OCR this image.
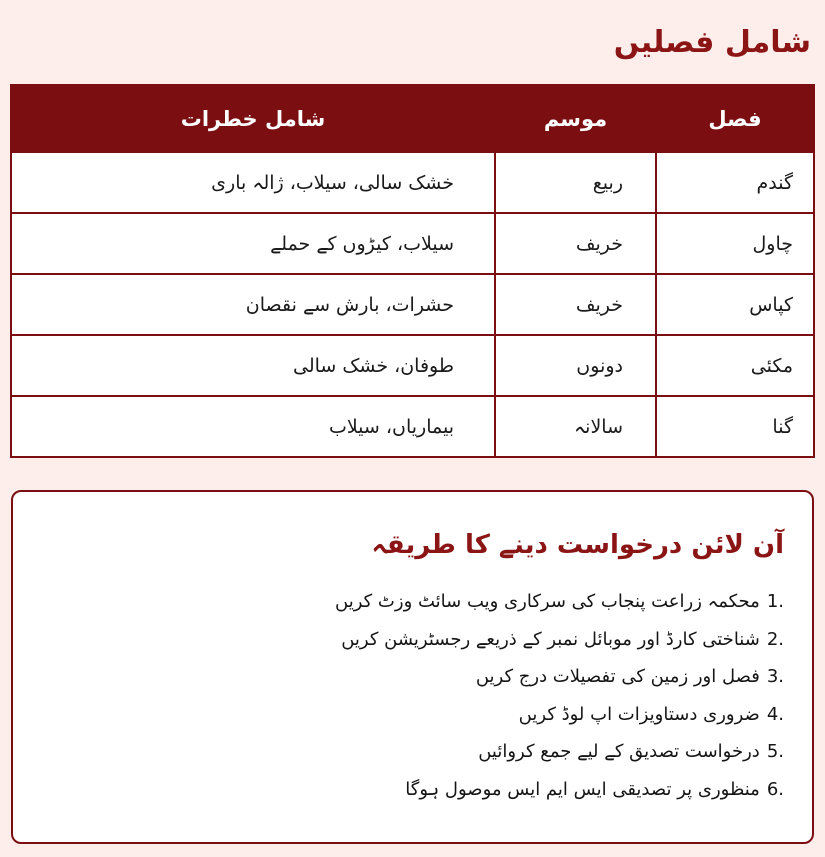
شامل فصلیں
فصل	موسم	شامل خطرات
گندم	ربیع	خشک سالی، سیلاب، ژالہ باری
چاول	خریف	سیلاب، کیڑوں کے حملے
کپاس	خریف	حشرات، بارش سے نقصان
مکئی	دونوں	طوفان، خشک سالی
گنا	سالانہ	بیماریاں، سیلاب
آن لائن درخواست دینے کا طریقہ
1.محکمہ زراعت پنجاب کی سرکاری ویب سائٹ وزٹ کریں
2.شناختی کارڈ اور موبائل نمبر کے ذریعے رجسٹریشن کریں
3.فصل اور زمین کی تفصیلات درج کریں
4.ضروری دستاویزات اپ لوڈ کریں
5.درخواست تصدیق کے لیے جمع کروائیں
6.منظوری پر تصدیقی ایس ایم ایس موصول ہوگا
